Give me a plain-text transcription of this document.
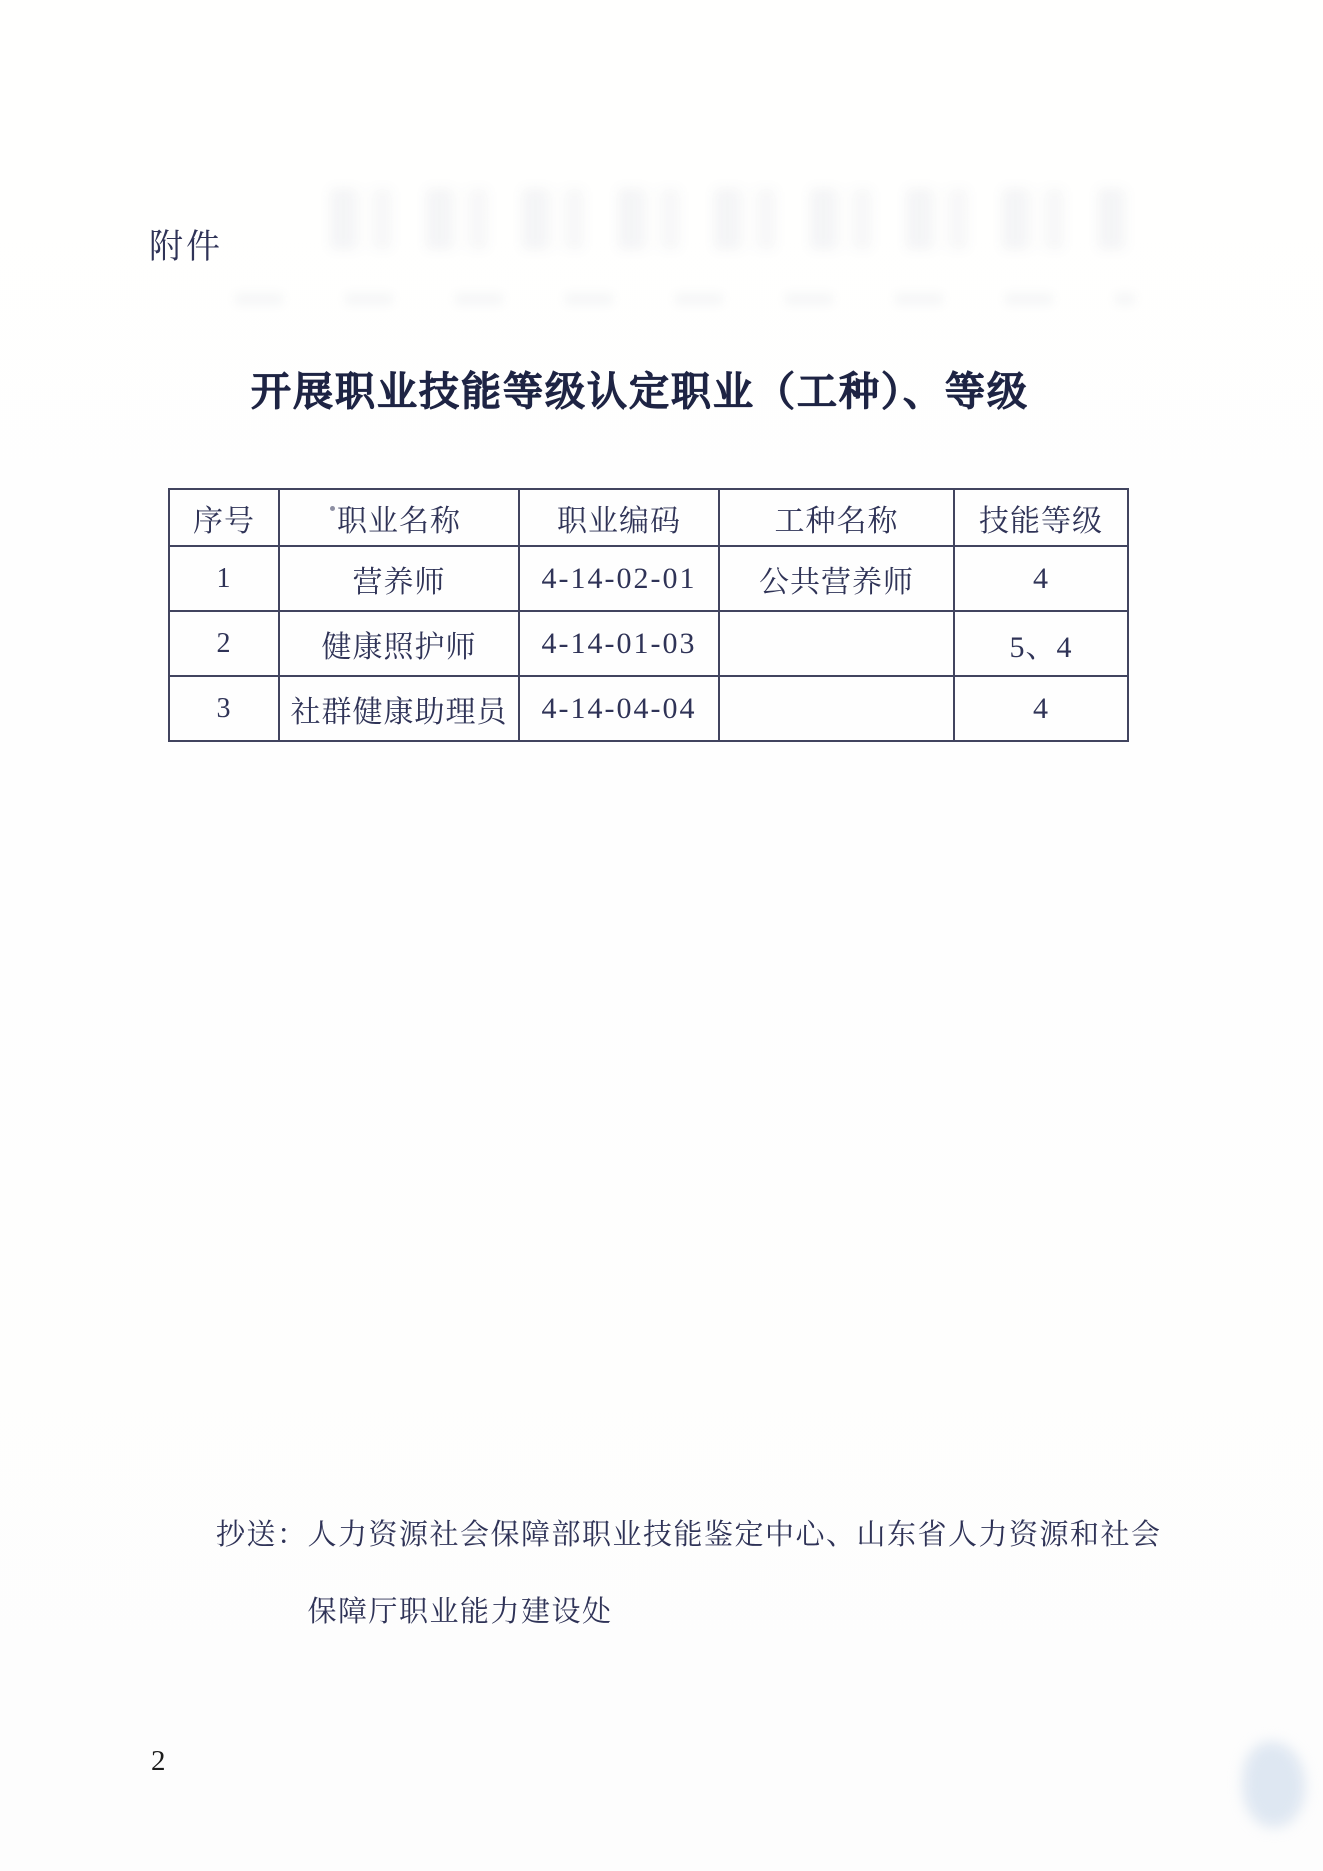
附件
开展职业技能等级认定职业（工种）、等级
序号	职业名称	职业编码	工种名称	技能等级
1	营养师	4-14-02-01	公共营养师	4
2	健康照护师	4-14-01-03		5、4
3	社群健康助理员	4-14-04-04		4
抄送： 人力资源社会保障部职业技能鉴定中心、山东省人力资源和社会
保障厅职业能力建设处
2
